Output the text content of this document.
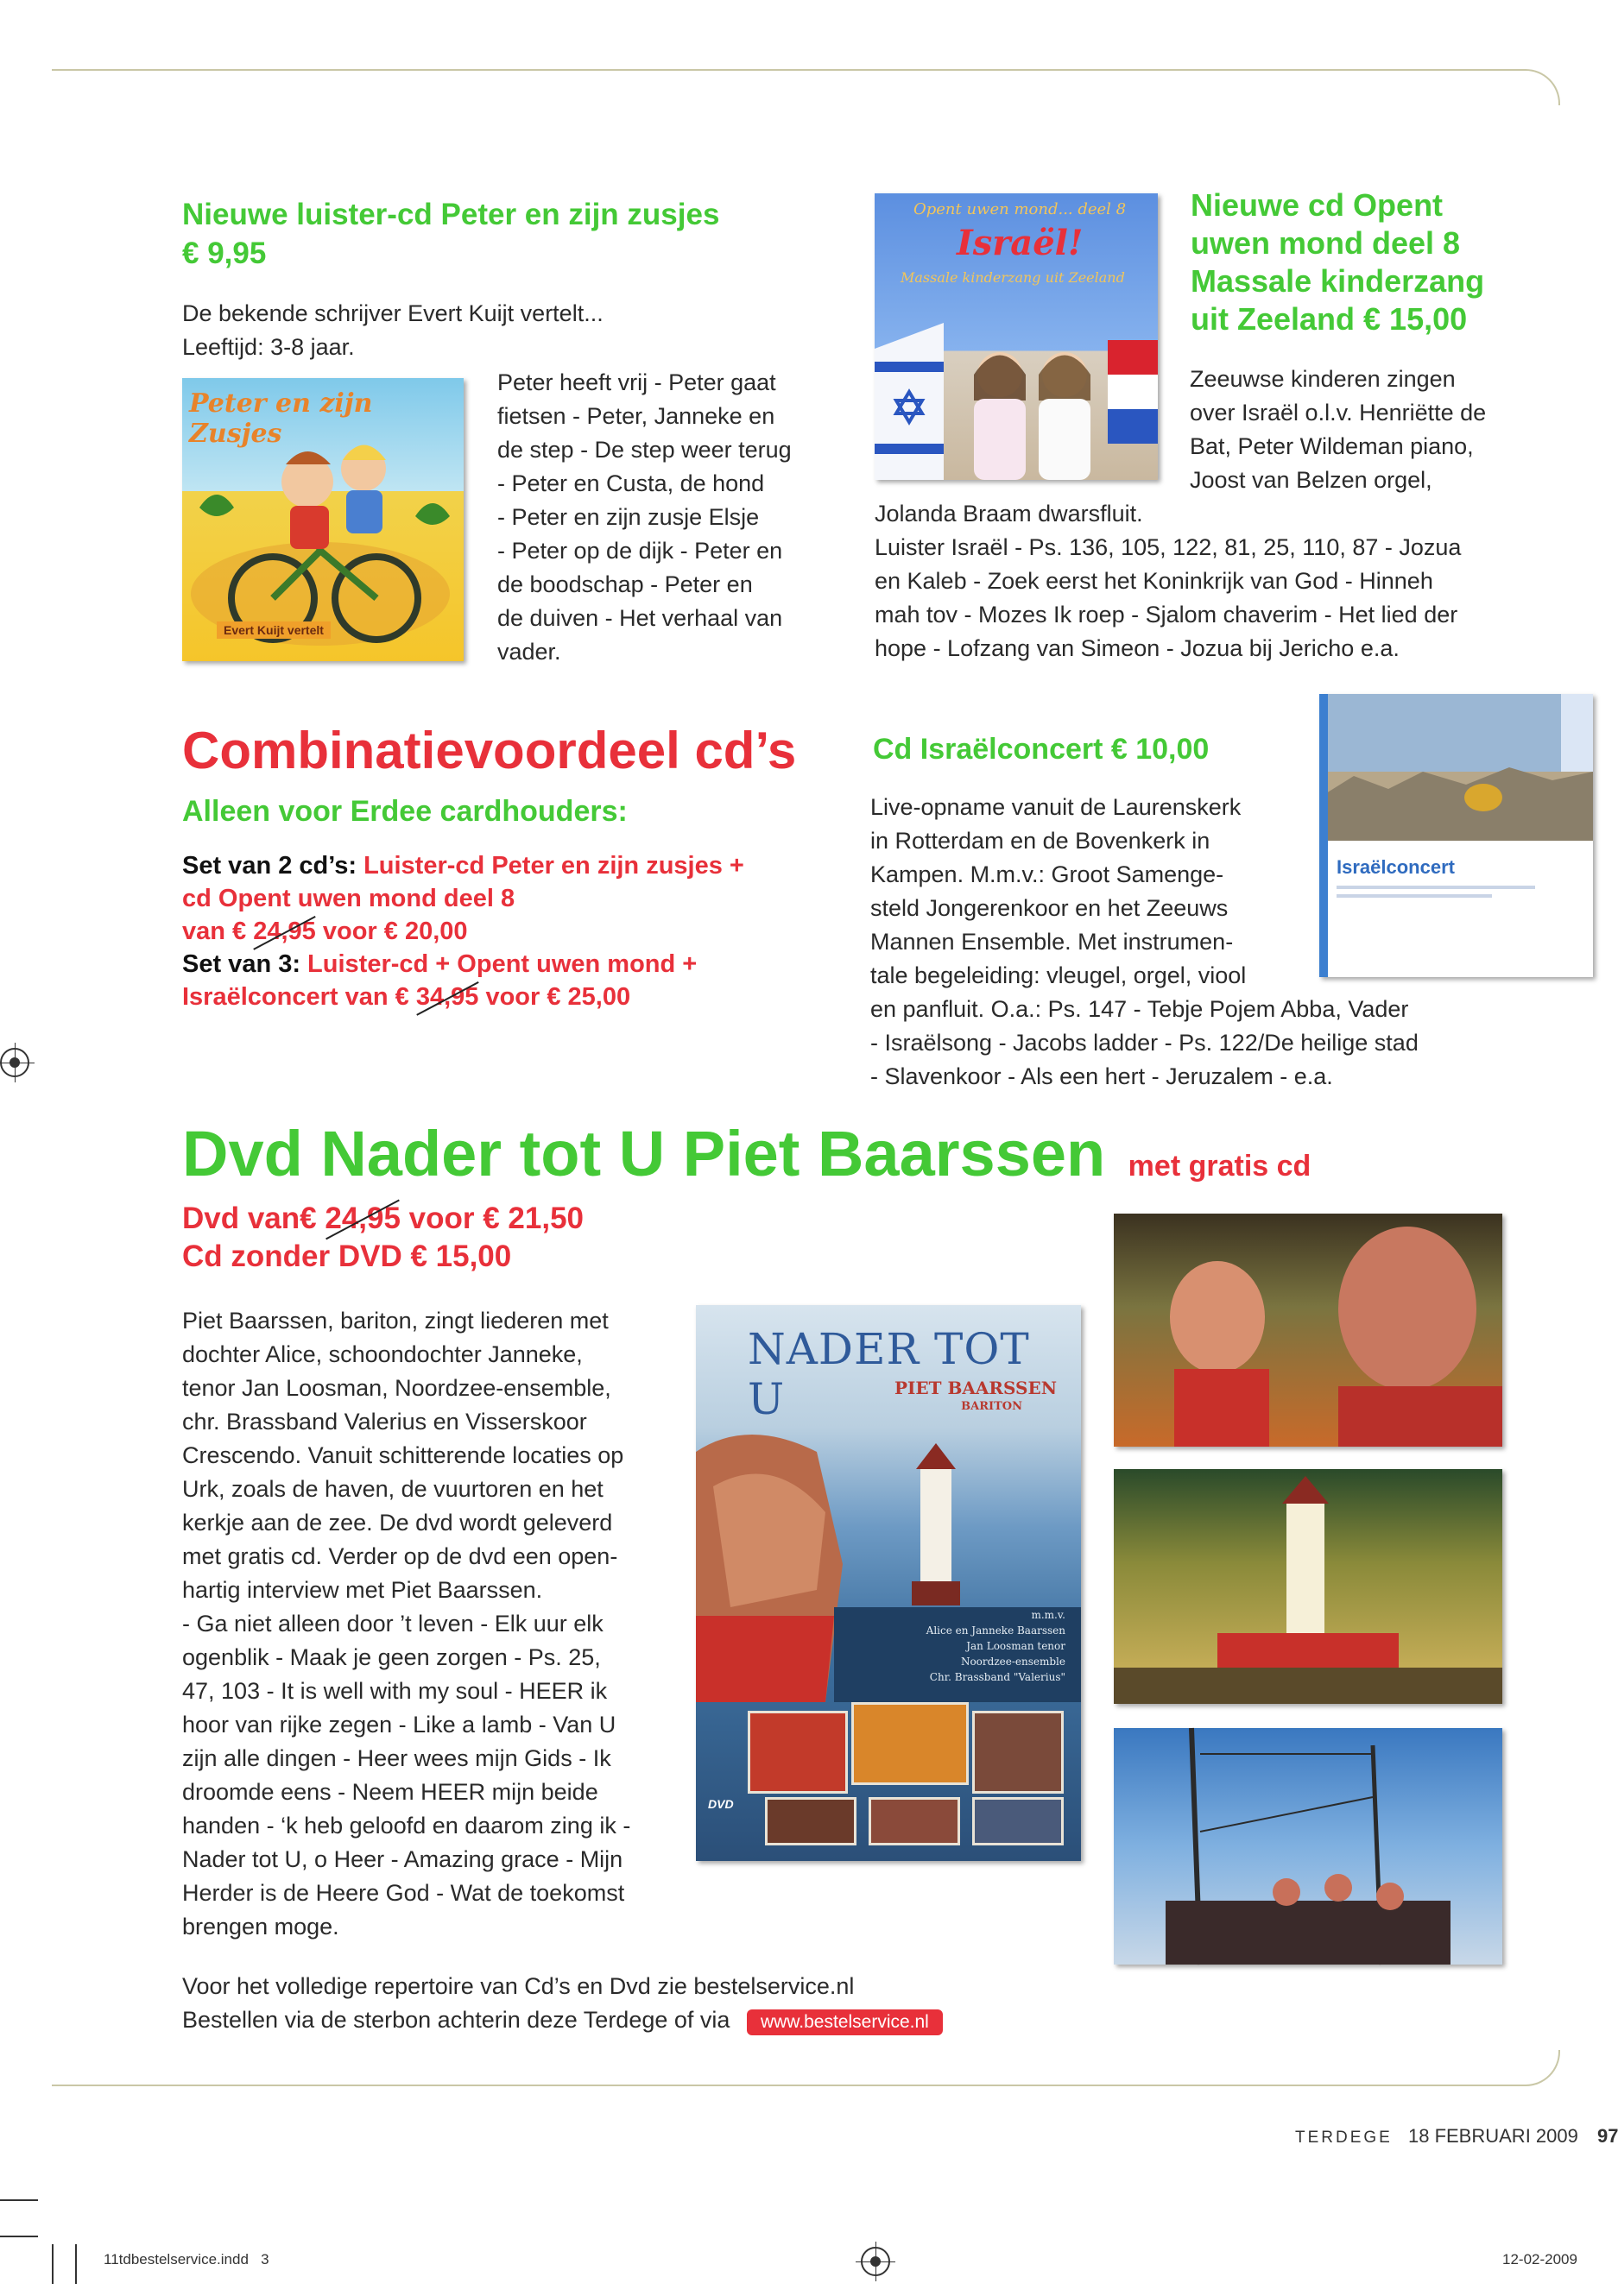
Nieuwe luister-cd Peter en zijn zusjes
€ 9,95
De bekende schrijver Evert Kuijt vertelt...
Leeftijd: 3-8 jaar.
Peter en zijn Zusjes
Evert Kuijt vertelt
Peter heeft vrij - Peter gaat
fietsen - Peter, Janneke en
de step - De step weer terug
- Peter en Custa, de hond
- Peter en zijn zusje Elsje
- Peter op de dijk - Peter en
de boodschap - Peter en
de duiven - Het verhaal van
vader.
Opent uwen mond... deel 8
Israël!
Massale kinderzang uit Zeeland
Nieuwe cd Opent
uwen mond deel 8
Massale kinderzang
uit Zeeland € 15,00
Zeeuwse kinderen zingen
over Israël o.l.v. Henriëtte de
Bat, Peter Wildeman piano,
Joost van Belzen orgel,
Jolanda Braam dwarsfluit.
Luister Israël - Ps. 136, 105, 122, 81, 25, 110, 87 - Jozua
en Kaleb - Zoek eerst het Koninkrijk van God - Hinneh
mah tov - Mozes Ik roep - Sjalom chaverim - Het lied der
hope - Lofzang van Simeon - Jozua bij Jericho e.a.
Combinatievoordeel cd’s
Alleen voor Erdee cardhouders:
Set van 2 cd’s: Luister-cd Peter en zijn zusjes +
cd Opent uwen mond deel 8
van € 24,95 voor € 20,00
Set van 3: Luister-cd + Opent uwen mond +
Israëlconcert van € 34,95 voor € 25,00
Cd Israëlconcert € 10,00
Live-opname vanuit de Laurenskerk
in Rotterdam en de Bovenkerk in
Kampen. M.m.v.: Groot Samenge-
steld Jongerenkoor en het Zeeuws
Mannen Ensemble. Met instrumen-
tale begeleiding: vleugel, orgel, viool
en panfluit. O.a.: Ps. 147 - Tebje Pojem Abba, Vader
- Israëlsong - Jacobs ladder - Ps. 122/De heilige stad
- Slavenkoor - Als een hert - Jeruzalem - e.a.
Israëlconcert
Dvd Nader tot U Piet Baarssen met gratis cd
Dvd van€ 24,95 voor € 21,50
Cd zonder DVD € 15,00
Piet Baarssen, bariton, zingt liederen met
dochter Alice, schoondochter Janneke,
tenor Jan Loosman, Noordzee-ensemble,
chr. Brassband Valerius en Visserskoor
Crescendo. Vanuit schitterende locaties op
Urk, zoals de haven, de vuurtoren en het
kerkje aan de zee. De dvd wordt geleverd
met gratis cd. Verder op de dvd een open-
hartig interview met Piet Baarssen.
- Ga niet alleen door ’t leven - Elk uur elk
ogenblik - Maak je geen zorgen - Ps. 25,
47, 103 - It is well with my soul - HEER ik
hoor van rijke zegen - Like a lamb - Van U
zijn alle dingen - Heer wees mijn Gids - Ik
droomde eens - Neem HEER mijn beide
handen - ‘k heb geloofd en daarom zing ik -
Nader tot U, o Heer - Amazing grace - Mijn
Herder is de Heere God - Wat de toekomst
brengen moge.
NADER TOT U	PIET BAARSSEN
BARITON
m.m.v.
Alice en Janneke Baarssen
Jan Loosman tenor
Noordzee-ensemble
Chr. Brassband "Valerius"
DVD
Voor het volledige repertoire van Cd’s en Dvd zie bestelservice.nl
Bestellen via de sterbon achterin deze Terdege of via www.bestelservice.nl
TERDEGE 18 FEBRUARI 2009 97
11tdbestelservice.indd   3	12-02-2009
